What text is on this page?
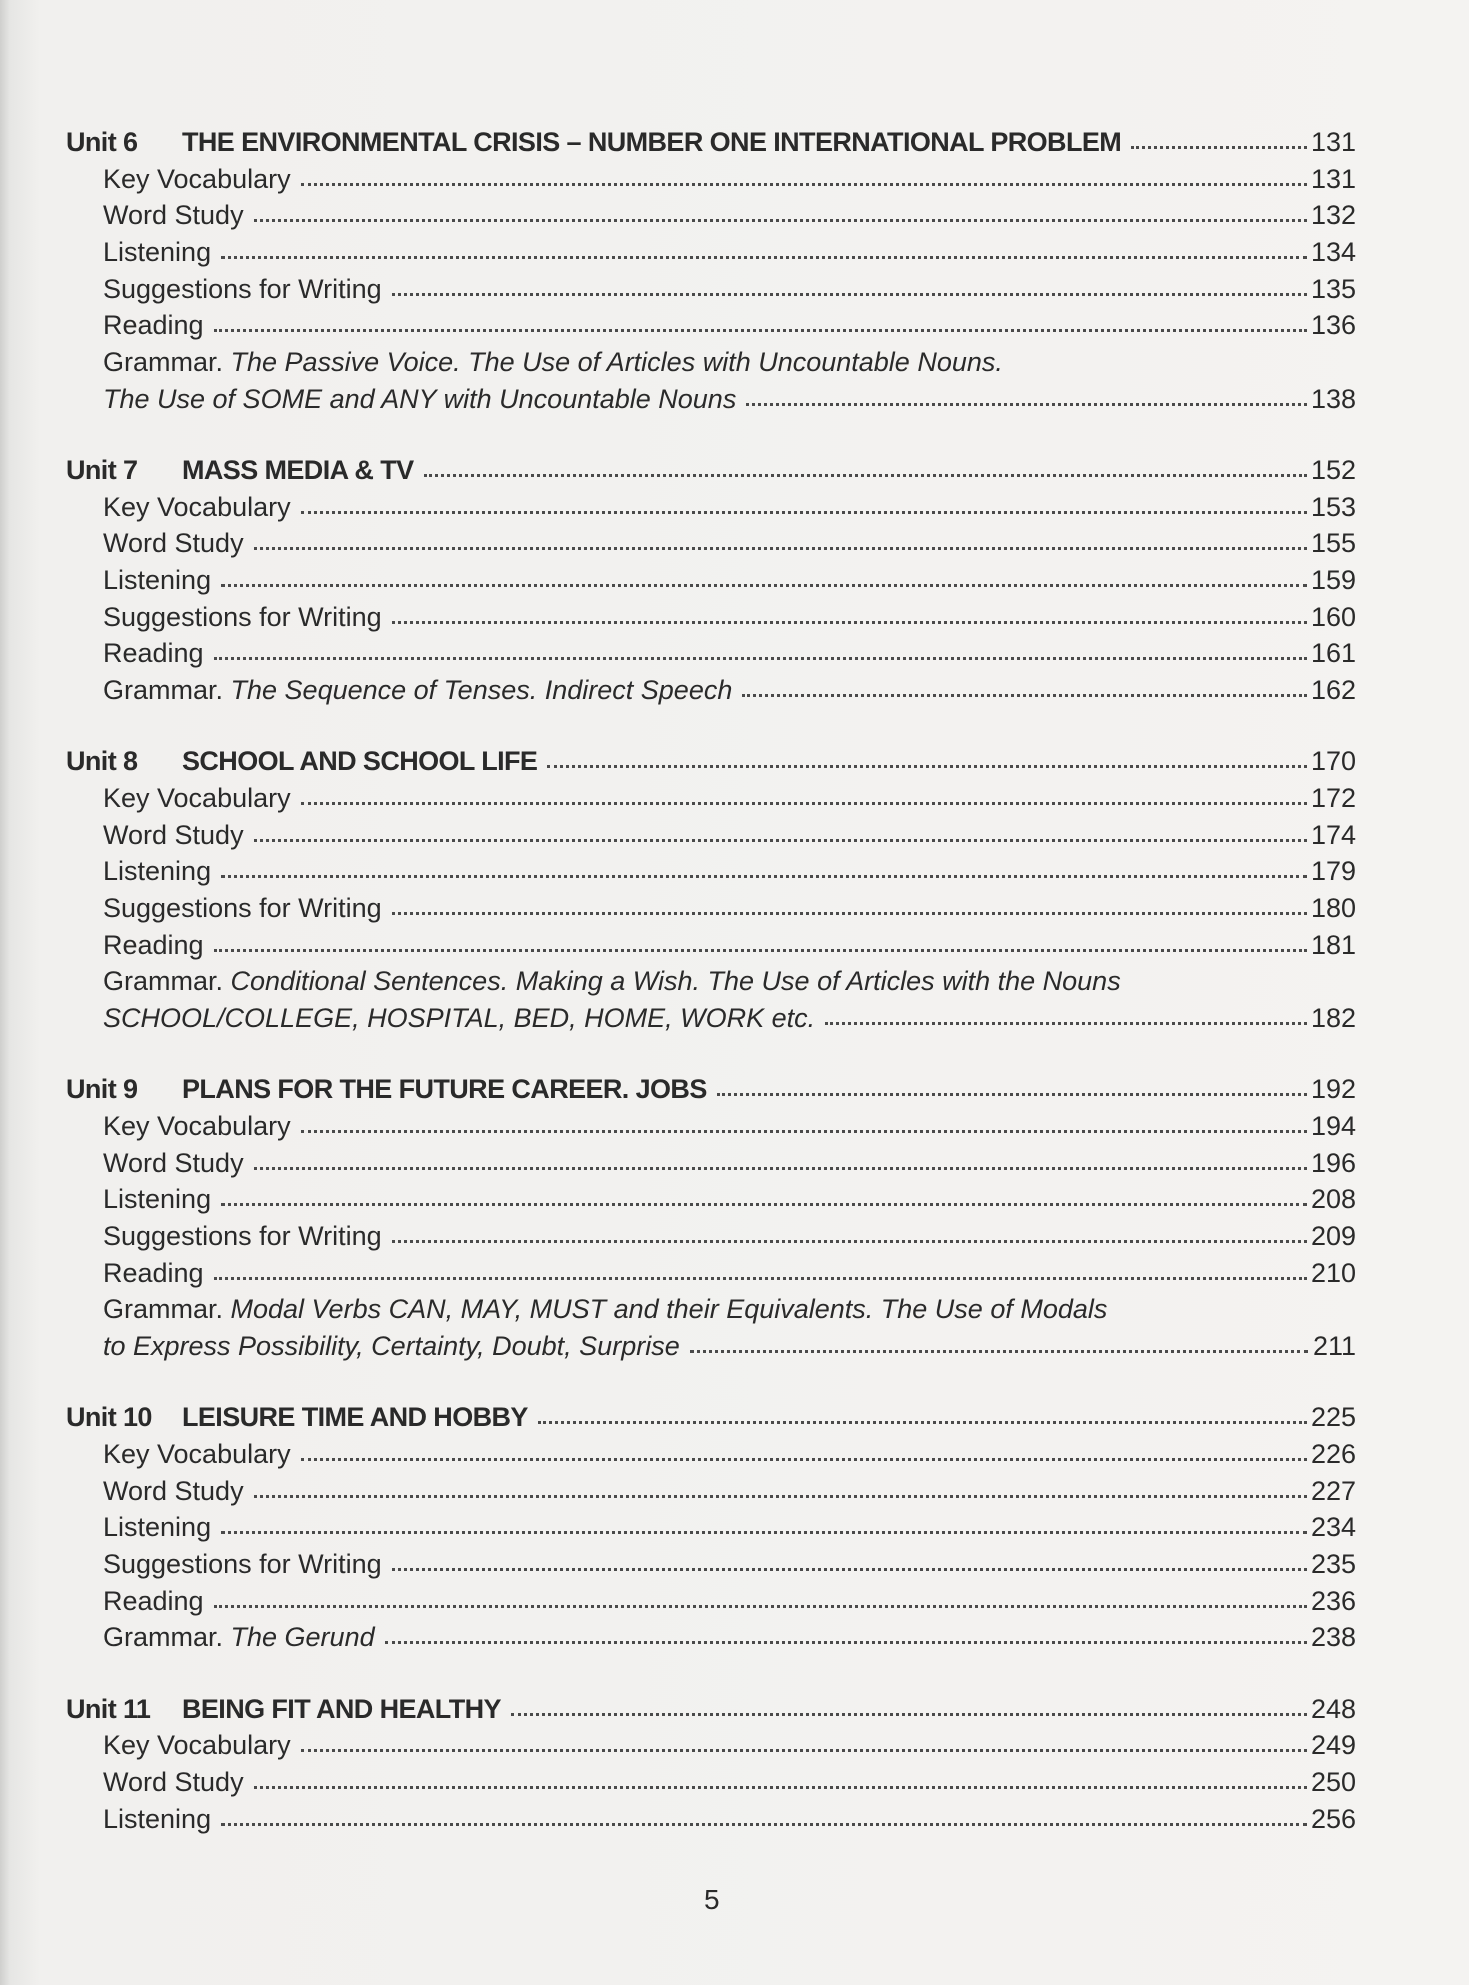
Unit 6	THE ENVIRONMENTAL CRISIS – NUMBER ONE INTERNATIONAL PROBLEM	131
Key Vocabulary	131
Word Study	132
Listening	134
Suggestions for Writing	135
Reading	136
Grammar. The Passive Voice. The Use of Articles with Uncountable Nouns.
The Use of SOME and ANY with Uncountable Nouns	138
Unit 7	MASS MEDIA & TV	152
Key Vocabulary	153
Word Study	155
Listening	159
Suggestions for Writing	160
Reading	161
Grammar. The Sequence of Tenses. Indirect Speech	162
Unit 8	SCHOOL AND SCHOOL LIFE	170
Key Vocabulary	172
Word Study	174
Listening	179
Suggestions for Writing	180
Reading	181
Grammar. Conditional Sentences. Making a Wish. The Use of Articles with the Nouns
SCHOOL/COLLEGE, HOSPITAL, BED, HOME, WORK etc.	182
Unit 9	PLANS FOR THE FUTURE CAREER. JOBS	192
Key Vocabulary	194
Word Study	196
Listening	208
Suggestions for Writing	209
Reading	210
Grammar. Modal Verbs CAN, MAY, MUST and their Equivalents. The Use of Modals
to Express Possibility, Certainty, Doubt, Surprise	211
Unit 10	LEISURE TIME AND HOBBY	225
Key Vocabulary	226
Word Study	227
Listening	234
Suggestions for Writing	235
Reading	236
Grammar. The Gerund	238
Unit 11	BEING FIT AND HEALTHY	248
Key Vocabulary	249
Word Study	250
Listening	256
5
